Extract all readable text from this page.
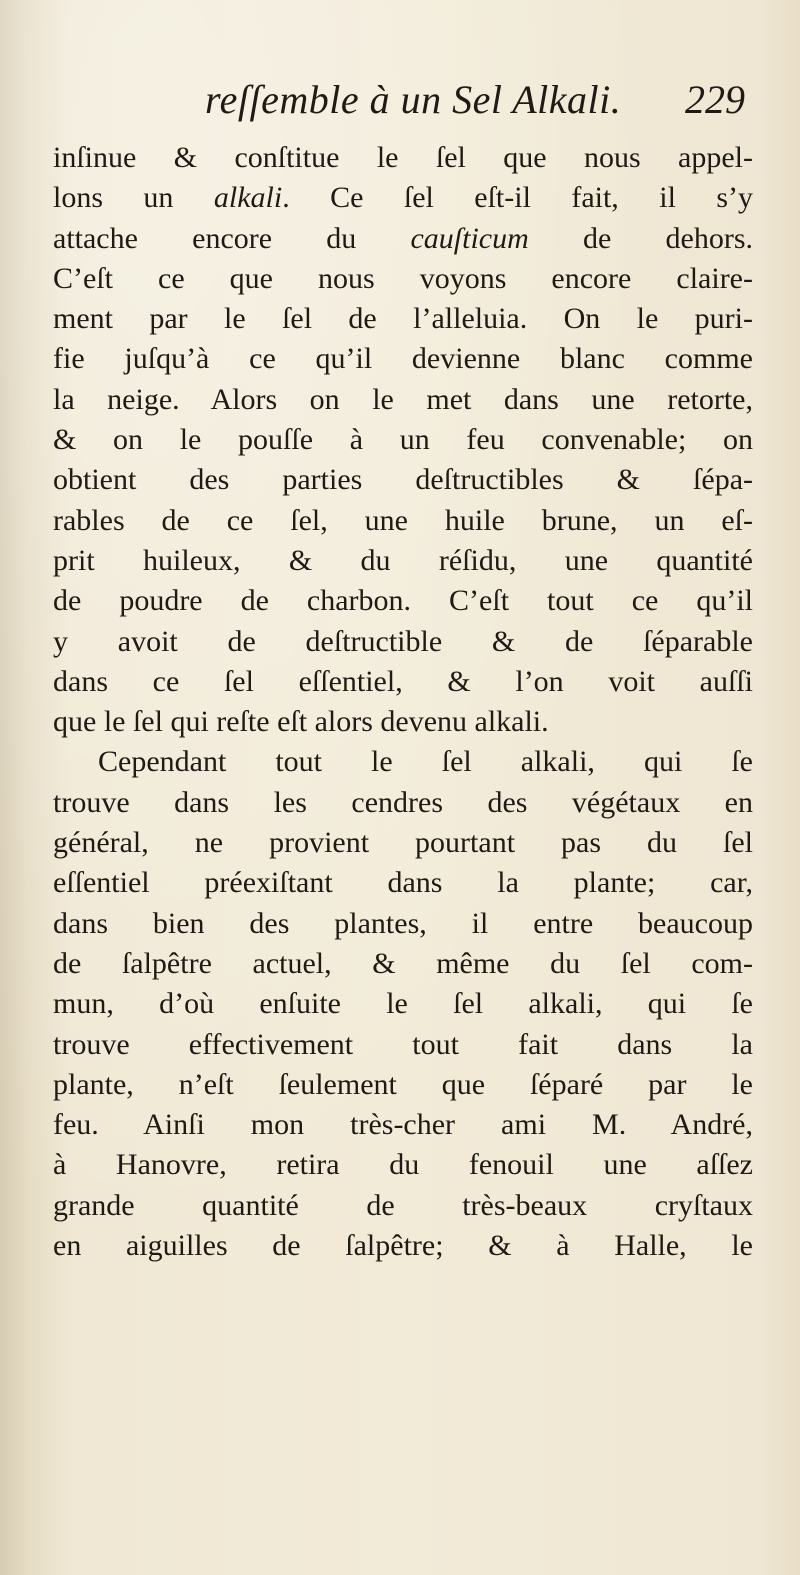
reſſemble à un Sel Alkali. 229
inſinue & conſtitue le ſel que nous appel-
lons un alkali. Ce ſel eſt-il fait, il s’y
attache encore du cauſticum de dehors.
C’eſt ce que nous voyons encore claire-
ment par le ſel de l’alleluia. On le puri-
fie juſqu’à ce qu’il devienne blanc comme
la neige. Alors on le met dans une retorte,
& on le pouſſe à un feu convenable; on
obtient des parties deſtructibles & ſépa-
rables de ce ſel, une huile brune, un eſ-
prit huileux, & du réſidu, une quantité
de poudre de charbon. C’eſt tout ce qu’il
y avoit de deſtructible & de ſéparable
dans ce ſel eſſentiel, & l’on voit auſſi
que le ſel qui reſte eſt alors devenu alkali.
Cependant tout le ſel alkali, qui ſe
trouve dans les cendres des végétaux en
général, ne provient pourtant pas du ſel
eſſentiel préexiſtant dans la plante; car,
dans bien des plantes, il entre beaucoup
de ſalpêtre actuel, & même du ſel com-
mun, d’où enſuite le ſel alkali, qui ſe
trouve effectivement tout fait dans la
plante, n’eſt ſeulement que ſéparé par le
feu. Ainſi mon très-cher ami M. André,
à Hanovre, retira du fenouil une aſſez
grande quantité de très-beaux cryſtaux
en aiguilles de ſalpêtre; & à Halle, le
